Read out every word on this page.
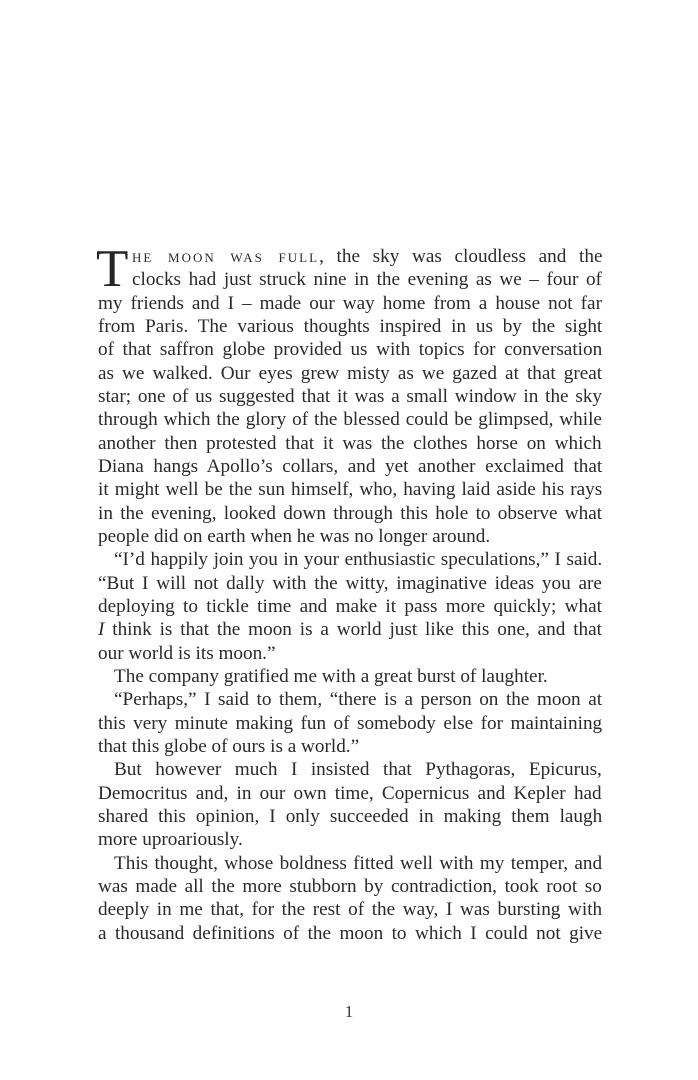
T he moon was full, the sky was cloudless and the
clocks had just struck nine in the evening as we – four of
my friends and I – made our way home from a house not far
from Paris. The various thoughts inspired in us by the sight
of that saffron globe provided us with topics for conversation
as we walked. Our eyes grew misty as we gazed at that great
star; one of us suggested that it was a small window in the sky
through which the glory of the blessed could be glimpsed, while
another then protested that it was the clothes horse on which
Diana hangs Apollo’s collars, and yet another exclaimed that
it might well be the sun himself, who, having laid aside his rays
in the evening, looked down through this hole to observe what
people did on earth when he was no longer around.
“I’d happily join you in your enthusiastic speculations,” I said.
“But I will not dally with the witty, imaginative ideas you are
deploying to tickle time and make it pass more quickly; what
I think is that the moon is a world just like this one, and that
our world is its moon.”
The company gratified me with a great burst of laughter.
“Perhaps,” I said to them, “there is a person on the moon at
this very minute making fun of somebody else for maintaining
that this globe of ours is a world.”
But however much I insisted that Pythagoras, Epicurus,
Democritus and, in our own time, Copernicus and Kepler had
shared this opinion, I only succeeded in making them laugh
more uproariously.
This thought, whose boldness fitted well with my temper, and
was made all the more stubborn by contradiction, took root so
deeply in me that, for the rest of the way, I was bursting with
a thousand definitions of the moon to which I could not give
1
